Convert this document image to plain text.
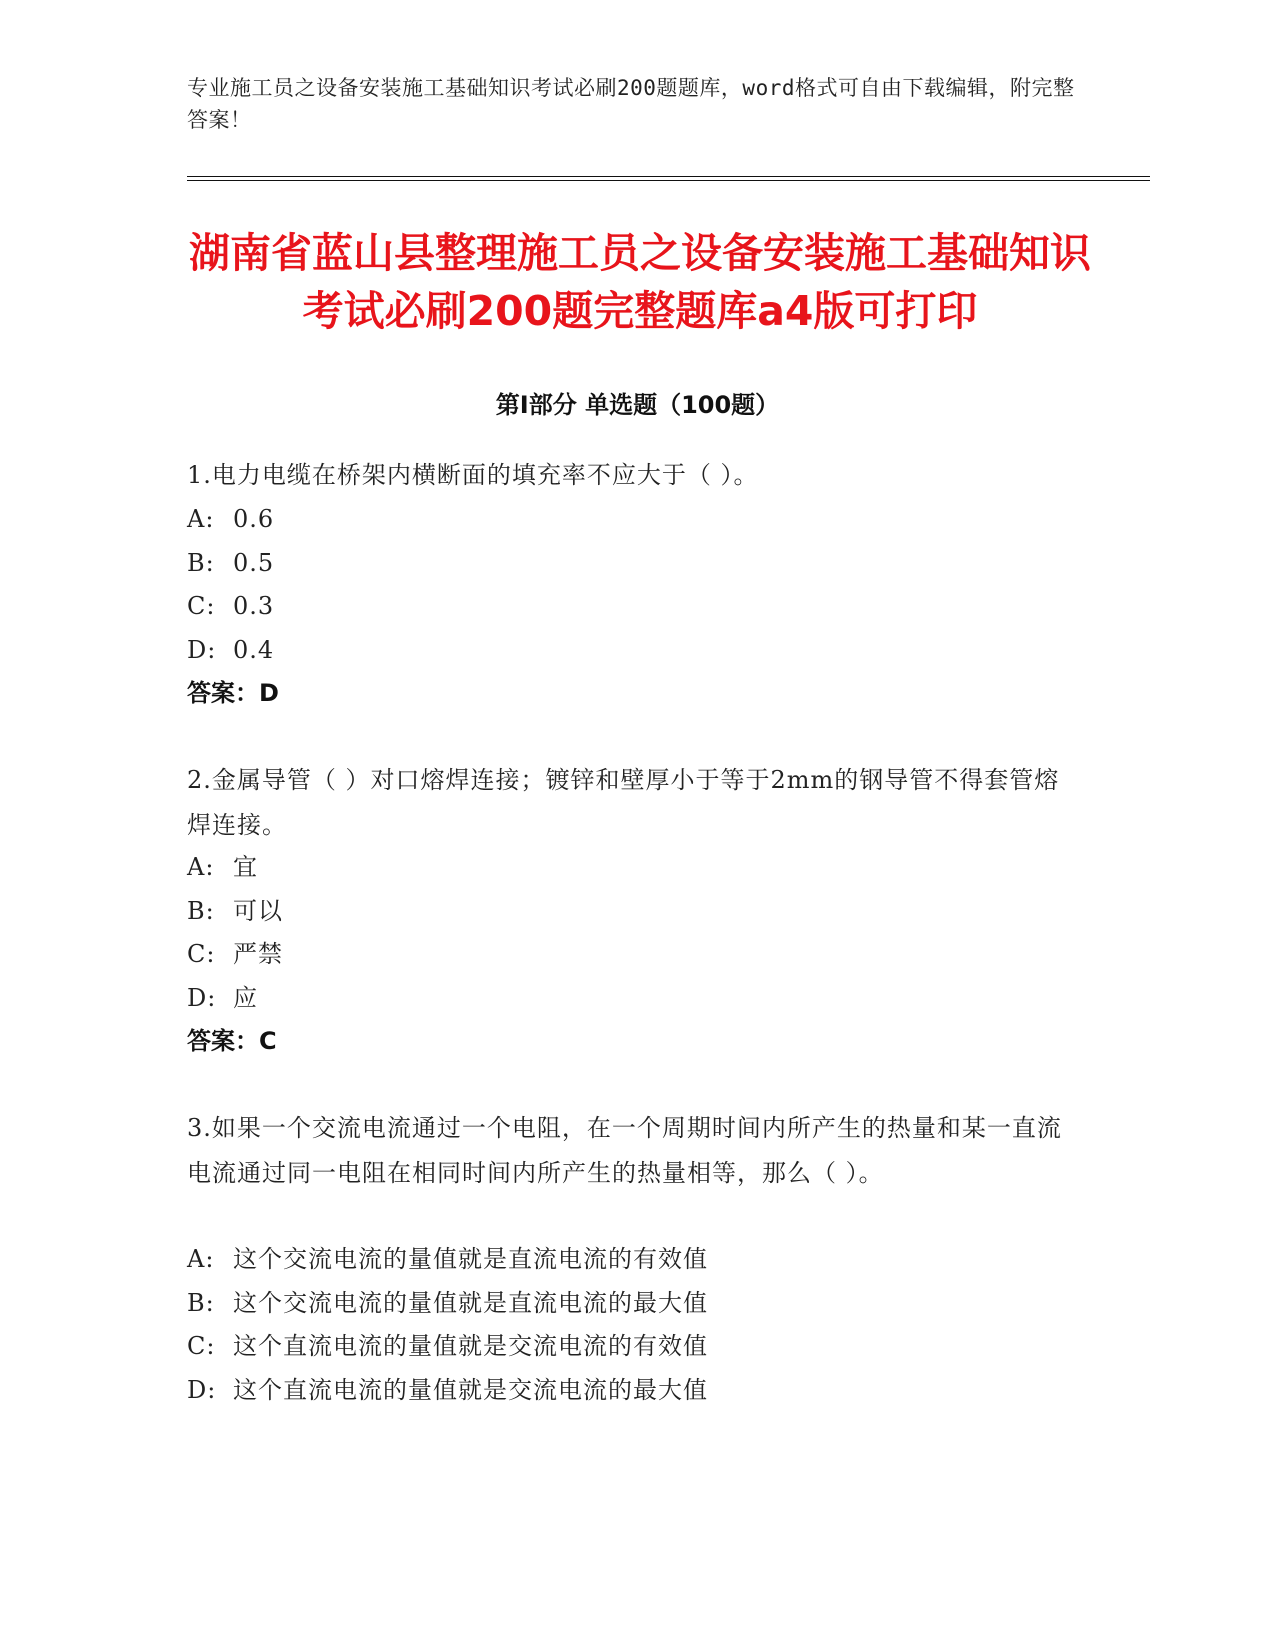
专业施工员之设备安装施工基础知识考试必刷200题题库，word格式可自由下载编辑，附完整答案！
湖南省蓝山县整理施工员之设备安装施工基础知识考试必刷200题完整题库a4版可打印
第Ⅰ部分 单选题（100题）
1.电力电缆在桥架内横断面的填充率不应大于（ ）。
A: 0.6
B: 0.5
C: 0.3
D: 0.4
答案：D
2.金属导管（ ）对口熔焊连接；镀锌和壁厚小于等于2mm的钢导管不得套管熔焊连接。
A: 宜
B: 可以
C: 严禁
D: 应
答案：C
3.如果一个交流电流通过一个电阻，在一个周期时间内所产生的热量和某一直流电流通过同一电阻在相同时间内所产生的热量相等，那么（ ）。
A: 这个交流电流的量值就是直流电流的有效值
B: 这个交流电流的量值就是直流电流的最大值
C: 这个直流电流的量值就是交流电流的有效值
D: 这个直流电流的量值就是交流电流的最大值
